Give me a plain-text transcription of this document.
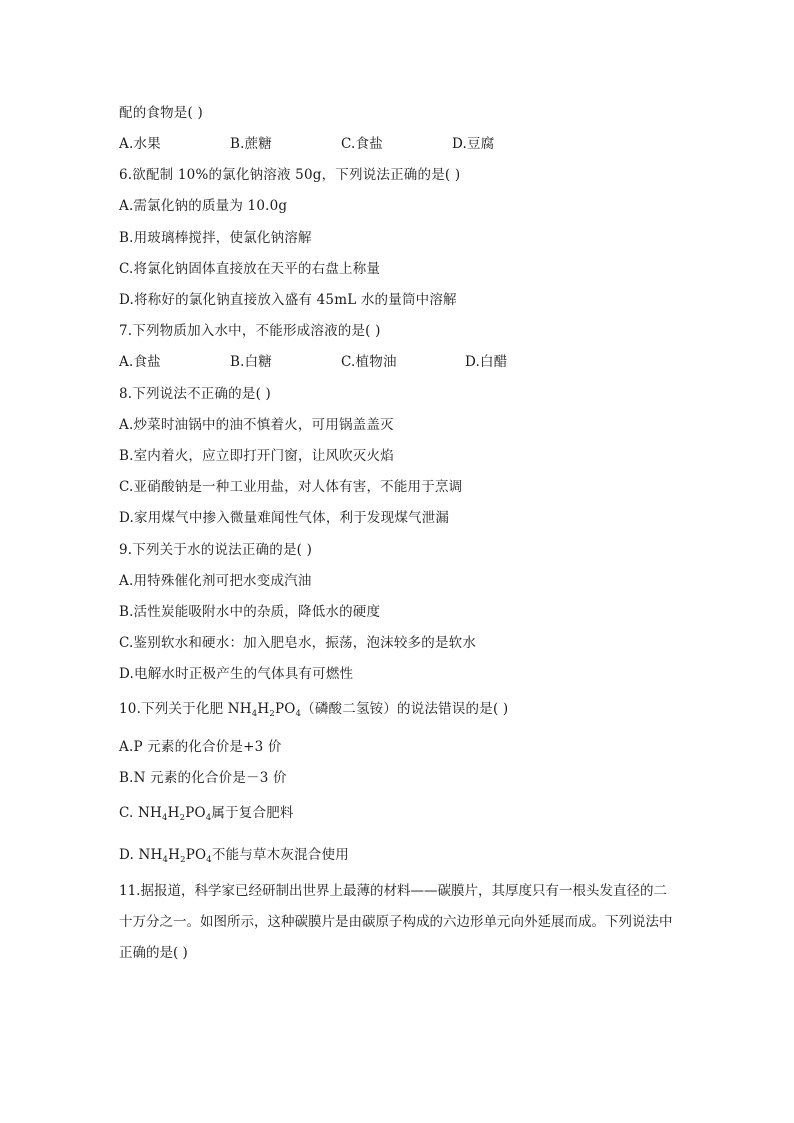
配的食物是( )
A.水果	B.蔗糖	C.食盐	D.豆腐
6.欲配制 10%的氯化钠溶液 50g，下列说法正确的是( )
A.需氯化钠的质量为 10.0g
B.用玻璃棒搅拌，使氯化钠溶解
C.将氯化钠固体直接放在天平的右盘上称量
D.将称好的氯化钠直接放入盛有 45mL 水的量筒中溶解
7.下列物质加入水中，不能形成溶液的是( )
A.食盐	B.白糖	C.植物油	D.白醋
8.下列说法不正确的是( )
A.炒菜时油锅中的油不慎着火，可用锅盖盖灭
B.室内着火，应立即打开门窗，让风吹灭火焰
C.亚硝酸钠是一种工业用盐，对人体有害，不能用于烹调
D.家用煤气中掺入微量难闻性气体，利于发现煤气泄漏
9.下列关于水的说法正确的是( )
A.用特殊催化剂可把水变成汽油
B.活性炭能吸附水中的杂质，降低水的硬度
C.鉴别软水和硬水：加入肥皂水，振荡，泡沫较多的是软水
D.电解水时正极产生的气体具有可燃性
10.下列关于化肥 $NH_4H_2PO_4$（磷酸二氢铵）的说法错误的是( )
A.P 元素的化合价是+3 价
B.N 元素的化合价是－3 价
C. $NH_4H_2PO_4$属于复合肥料
D. $NH_4H_2PO_4$不能与草木灰混合使用
11.据报道，科学家已经研制出世界上最薄的材料——碳膜片，其厚度只有一根头发直径的二十万分之一。如图所示，这种碳膜片是由碳原子构成的六边形单元向外延展而成。下列说法中正确的是( )
